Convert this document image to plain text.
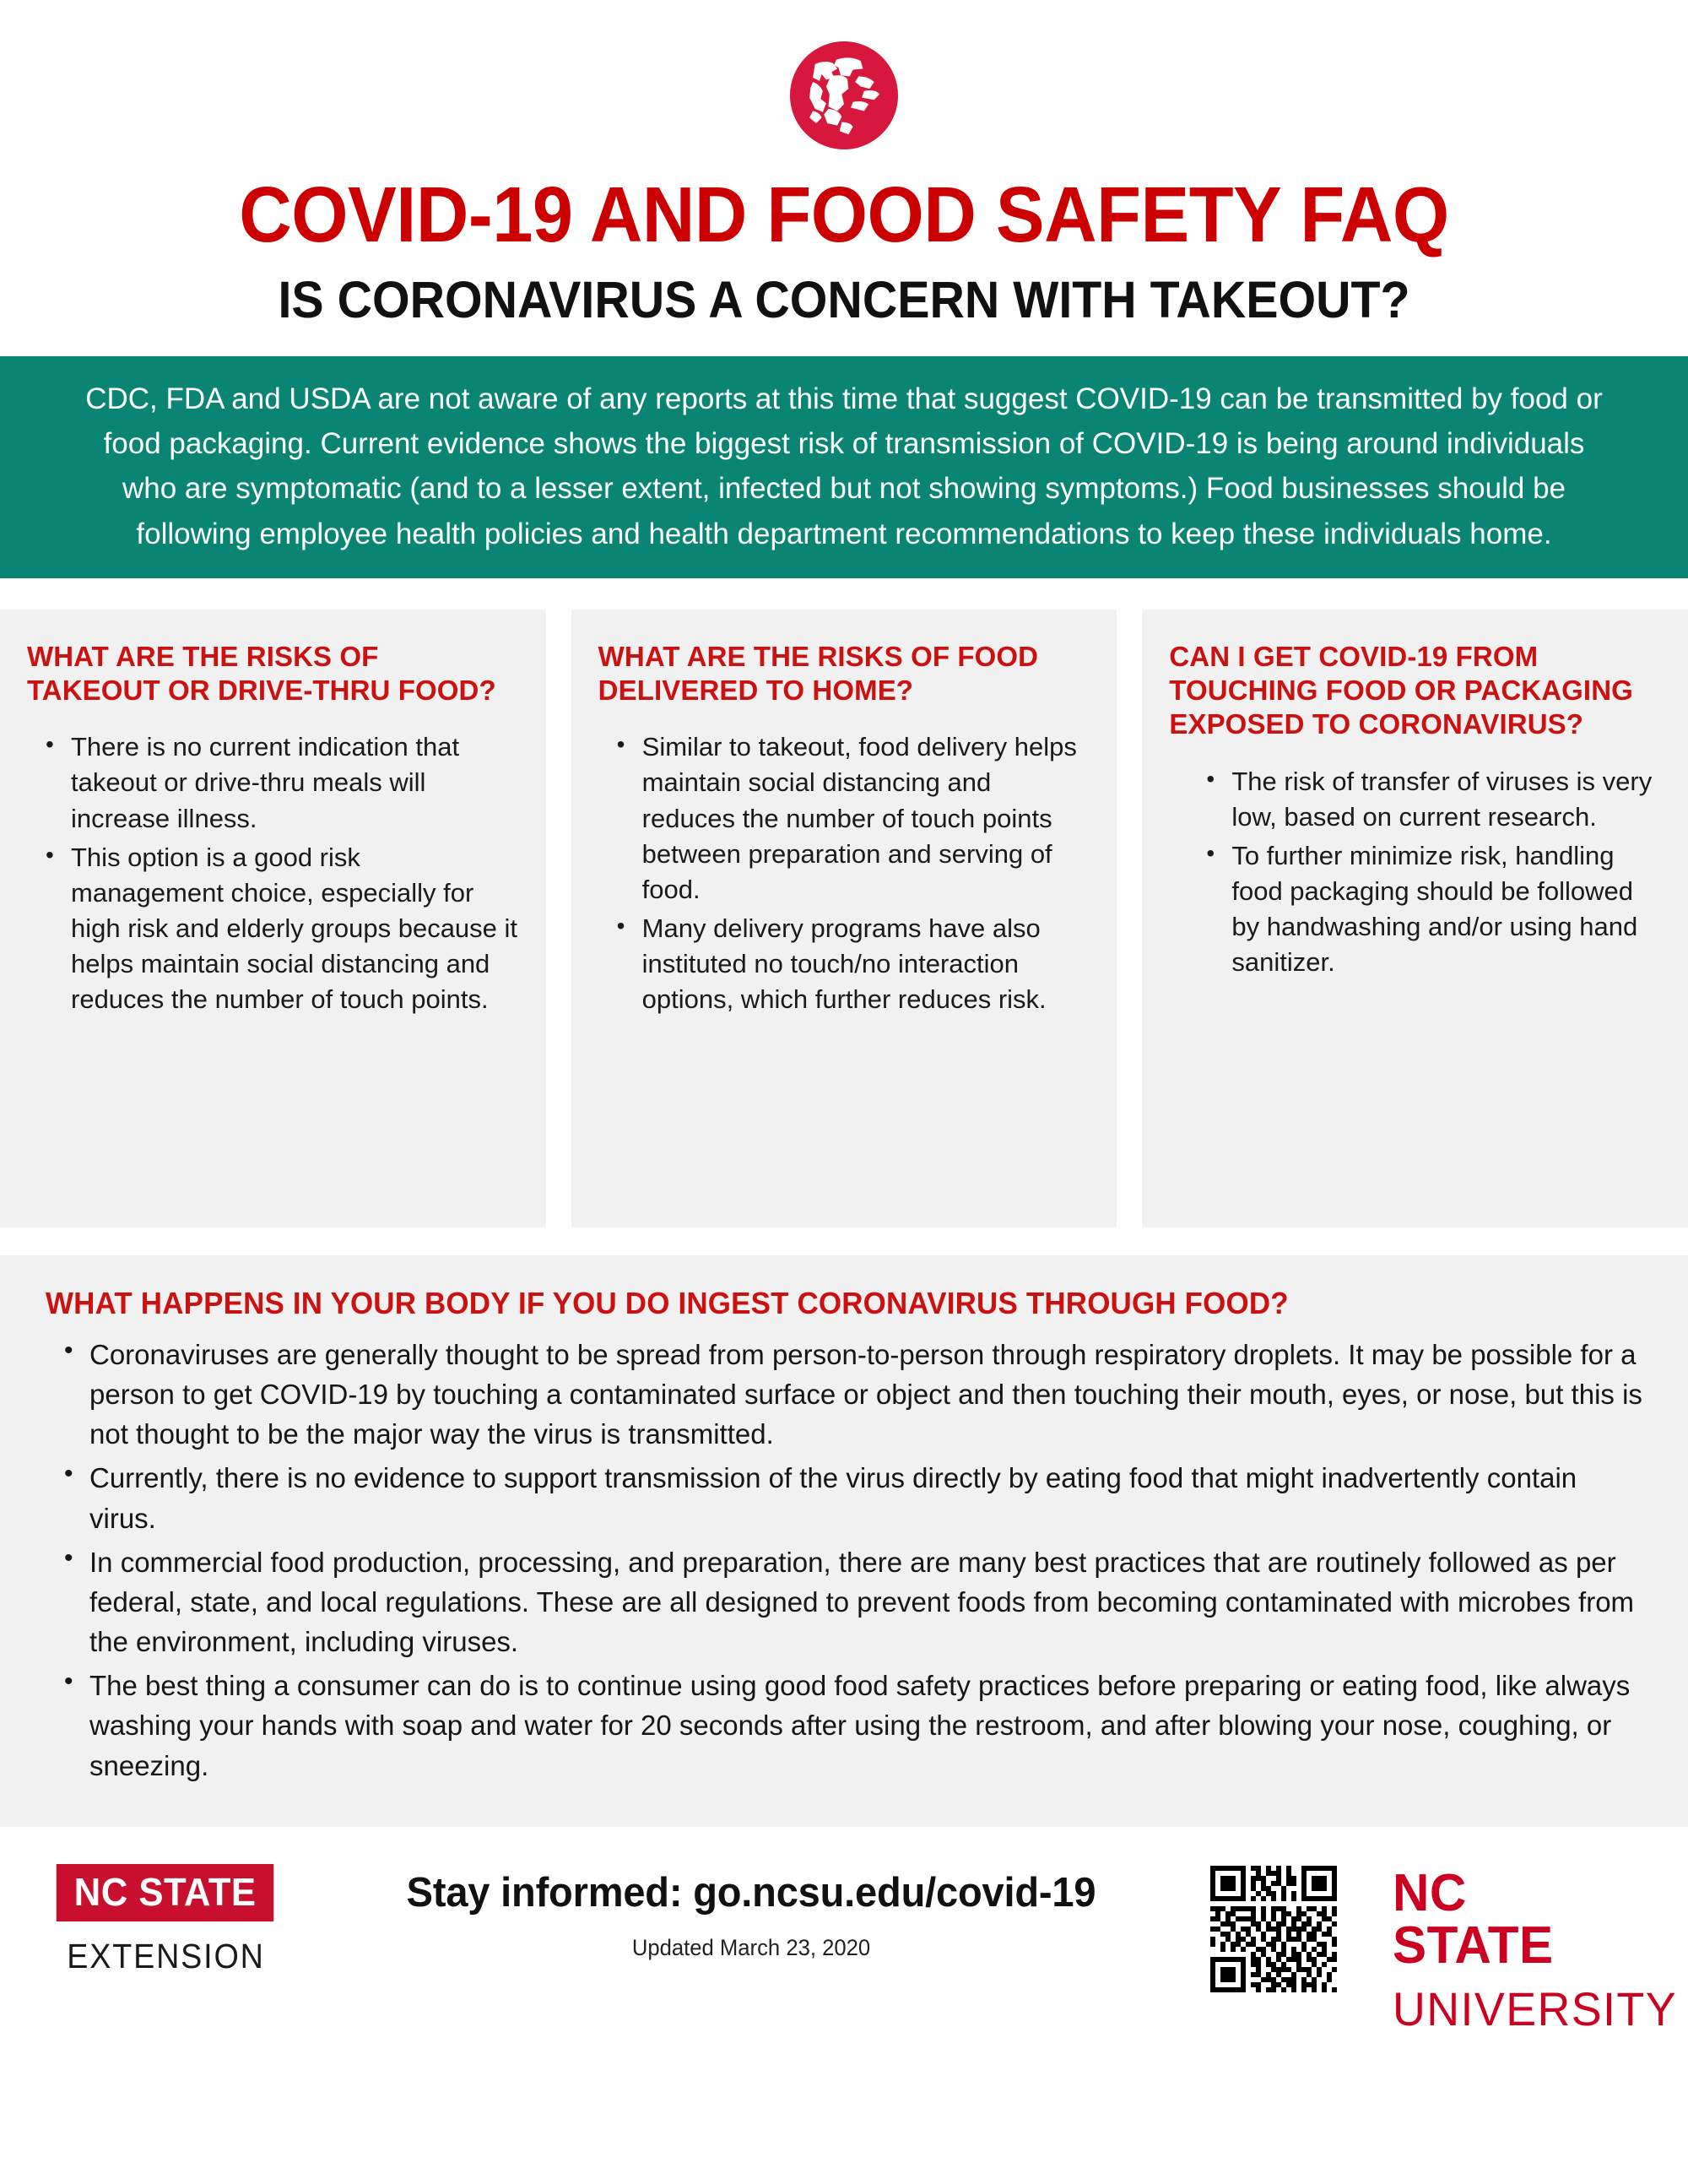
COVID-19 AND FOOD SAFETY FAQ
IS CORONAVIRUS A CONCERN WITH TAKEOUT?
CDC, FDA and USDA are not aware of any reports at this time that suggest COVID-19 can be transmitted by food or food packaging. Current evidence shows the biggest risk of transmission of COVID-19 is being around individuals who are symptomatic (and to a lesser extent, infected but not showing symptoms.) Food businesses should be following employee health policies and health department recommendations to keep these individuals home.
WHAT ARE THE RISKS OF TAKEOUT OR DRIVE-THRU FOOD?
• There is no current indication that takeout or drive-thru meals will increase illness.
• This option is a good risk management choice, especially for high risk and elderly groups because it helps maintain social distancing and reduces the number of touch points.
WHAT ARE THE RISKS OF FOOD DELIVERED TO HOME?
• Similar to takeout, food delivery helps maintain social distancing and reduces the number of touch points between preparation and serving of food.
• Many delivery programs have also instituted no touch/no interaction options, which further reduces risk.
CAN I GET COVID-19 FROM TOUCHING FOOD OR PACKAGING EXPOSED TO CORONAVIRUS?
• The risk of transfer of viruses is very low, based on current research.
• To further minimize risk, handling food packaging should be followed by handwashing and/or using hand sanitizer.
WHAT HAPPENS IN YOUR BODY IF YOU DO INGEST CORONAVIRUS THROUGH FOOD?
• Coronaviruses are generally thought to be spread from person-to-person through respiratory droplets. It may be possible for a person to get COVID-19 by touching a contaminated surface or object and then touching their mouth, eyes, or nose, but this is not thought to be the major way the virus is transmitted.
• Currently, there is no evidence to support transmission of the virus directly by eating food that might inadvertently contain virus.
• In commercial food production, processing, and preparation, there are many best practices that are routinely followed as per federal, state, and local regulations. These are all designed to prevent foods from becoming contaminated with microbes from the environment, including viruses.
• The best thing a consumer can do is to continue using good food safety practices before preparing or eating food, like always washing your hands with soap and water for 20 seconds after using the restroom, and after blowing your nose, coughing, or sneezing.
NC STATE
EXTENSION
Stay informed: go.ncsu.edu/covid-19
Updated March 23, 2020
NC STATE
UNIVERSITY
